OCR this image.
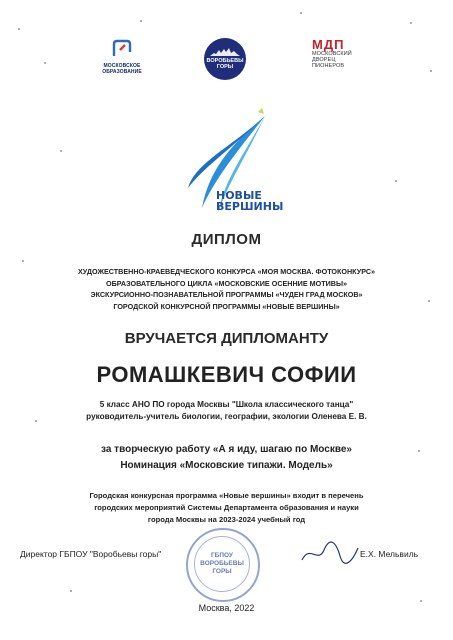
МОСКОВСКОЕ
ОБРАЗОВАНИЕ
ВОРОБЬЕВЫ
ГОРЫ
МДП
МОСКОВСКИЙ
ДВОРЕЦ
ПИОНЕРОВ
НОВЫЕ
ВЕРШИНЫ
ДИПЛОМ
ХУДОЖЕСТВЕННО-КРАЕВЕДЧЕСКОГО КОНКУРСА «МОЯ МОСКВА. ФОТОКОНКУРС»
ОБРАЗОВАТЕЛЬНОГО ЦИКЛА «МОСКОВСКИЕ ОСЕННИЕ МОТИВЫ»
ЭКСКУРСИОННО-ПОЗНАВАТЕЛЬНОЙ ПРОГРАММЫ «ЧУДЕН ГРАД МОСКОВ»
ГОРОДСКОЙ КОНКУРСНОЙ ПРОГРАММЫ «НОВЫЕ ВЕРШИНЫ»
ВРУЧАЕТСЯ ДИПЛОМАНТУ
РОМАШКЕВИЧ СОФИИ
5 класс АНО ПО города Москвы "Школа классического танца"
руководитель-учитель биологии, географии, экологии Оленева Е. В.
за творческую работу «А я иду, шагаю по Москве»
Номинация «Московские типажи. Модель»
Городская конкурсная программа «Новые вершины» входит в перечень
городских мероприятий Системы Департамента образования и науки
города Москвы на 2023-2024 учебный год
Директор ГБПОУ "Воробьевы горы"	ГБПОУ
ВОРОБЬЕВЫ
ГОРЫ
Е.Х. Мельвиль
Москва, 2022
